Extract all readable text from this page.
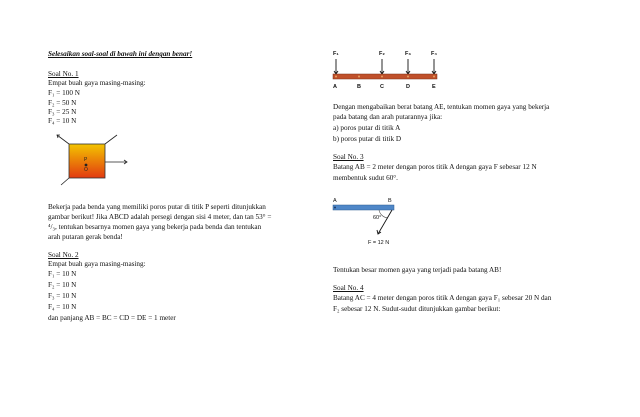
Selesaikan soal-soal di bawah ini dengan benar!
Soal No. 1
Empat buah gaya masing-masing:
F₁ = 100 N
F₂ = 50 N
F₃ = 25 N
F₄ = 10 N
P
O
Bekerja pada benda yang memiliki poros putar di titik P seperti ditunjukkan
gambar berikut! Jika ABCD adalah persegi dengan sisi 4 meter, dan tan 53° =
⁴/₃, tentukan besarnya momen gaya yang bekerja pada benda dan tentukan
arah putaran gerak benda!
Soal No. 2
Empat buah gaya masing-masing:
F₁ = 10 N
F₂ = 10 N
F₃ = 10 N
F₄ = 10 N
dan panjang AB = BC = CD = DE = 1 meter
F₁	F₂	F₃	F₄
A	B	C	D	E
Dengan mengabaikan berat batang AE, tentukan momen gaya yang bekerja
pada batang dan arah putarannya jika:
a) poros putar di titik A
b) poros putar di titik D
Soal No. 3
Batang AB = 2 meter dengan poros titik A dengan gaya F sebesar 12 N
membentuk sudut 60°.
A	B
60°
F = 12 N
Tentukan besar momen gaya yang terjadi pada batang AB!
Soal No. 4
Batang AC = 4 meter dengan poros titik A dengan gaya F₁ sebesar 20 N dan
F₂ sebesar 12 N. Sudut-sudut ditunjukkan gambar berikut:
